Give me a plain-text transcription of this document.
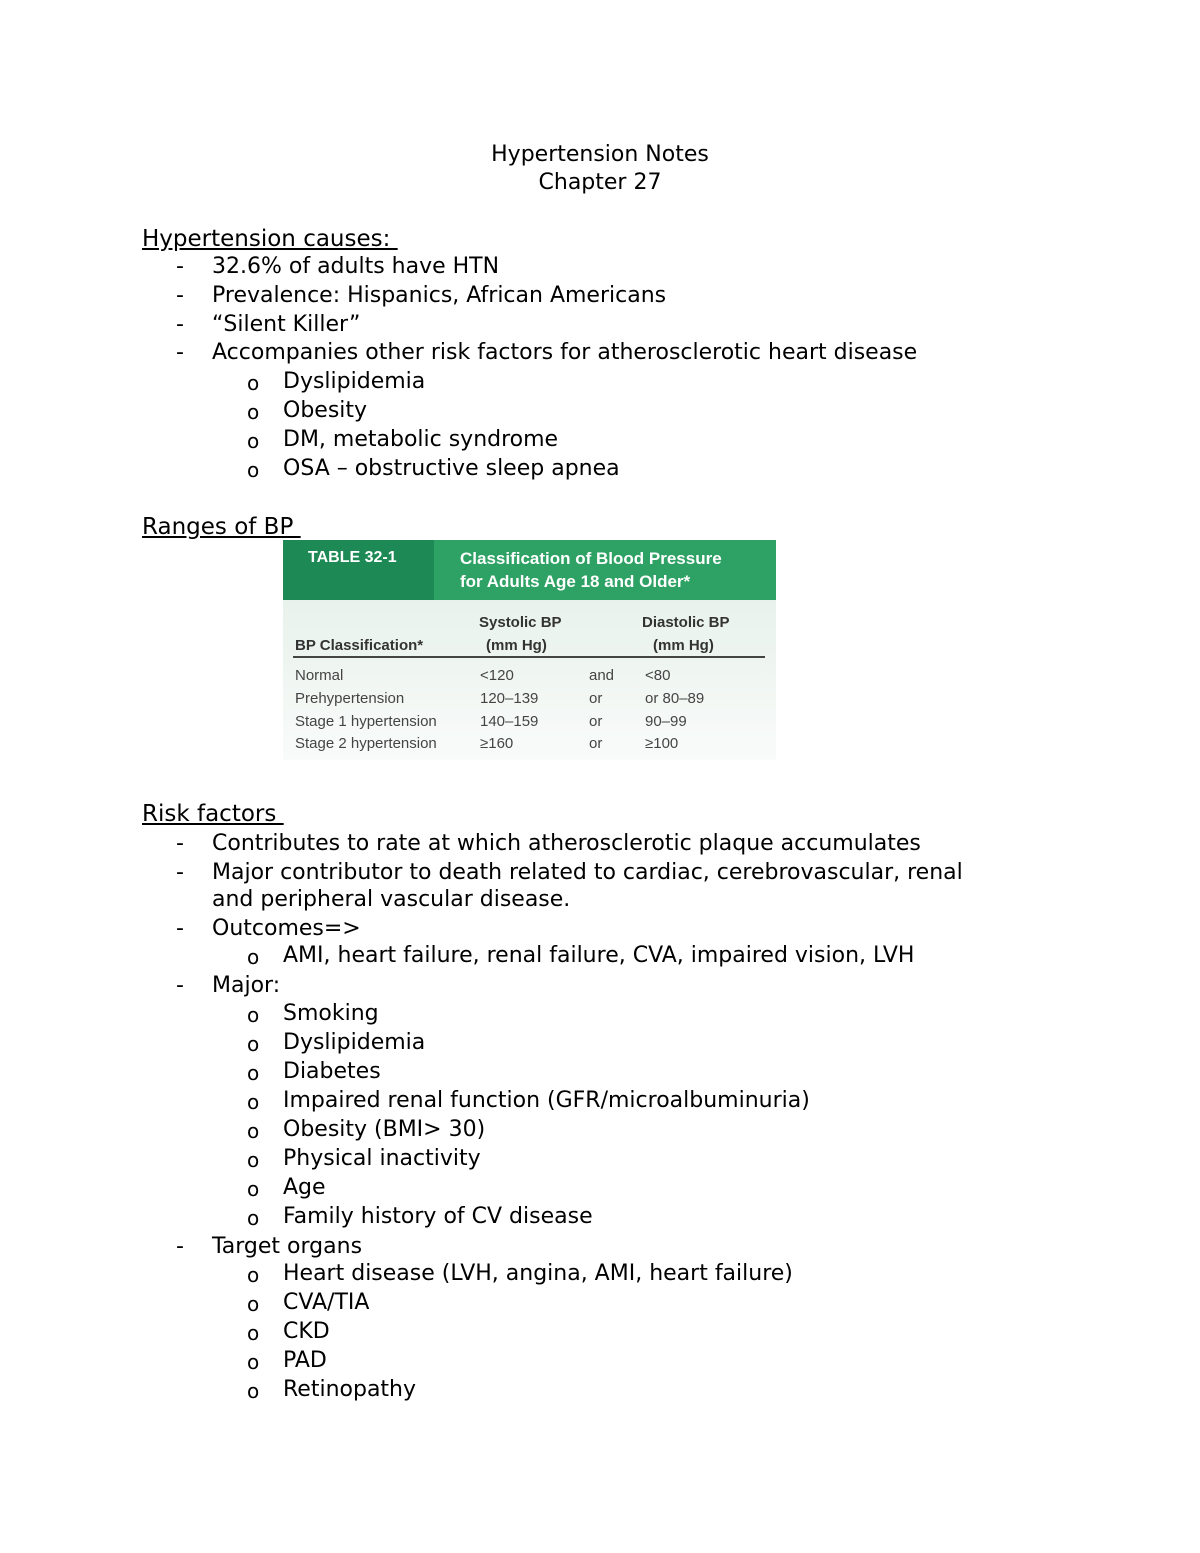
Hypertension Notes
Chapter 27
Hypertension causes:
- 32.6% of adults have HTN
- Prevalence: Hispanics, African Americans
- “Silent Killer”
- Accompanies other risk factors for atherosclerotic heart disease
o Dyslipidemia
o Obesity
o DM, metabolic syndrome
o OSA – obstructive sleep apnea
Ranges of BP
TABLE 32-1	Classification of Blood Pressure
for Adults Age 18 and Older*
BP Classification*
Systolic BP
(mm Hg)
Diastolic BP
(mm Hg)
Normal	<120	and <80
Prehypertension	120–139	or	or 80–89
Stage 1 hypertension	140–159	or	90–99
Stage 2 hypertension	≥160	or	≥100
Risk factors
- Contributes to rate at which atherosclerotic plaque accumulates
- Major contributor to death related to cardiac, cerebrovascular, renal
and peripheral vascular disease.
- Outcomes=>
o AMI, heart failure, renal failure, CVA, impaired vision, LVH
- Major:
o Smoking
o Dyslipidemia
o Diabetes
o Impaired renal function (GFR/microalbuminuria)
o Obesity (BMI> 30)
o Physical inactivity
o Age
o Family history of CV disease
- Target organs
o Heart disease (LVH, angina, AMI, heart failure)
o CVA/TIA
o CKD
o PAD
o Retinopathy
